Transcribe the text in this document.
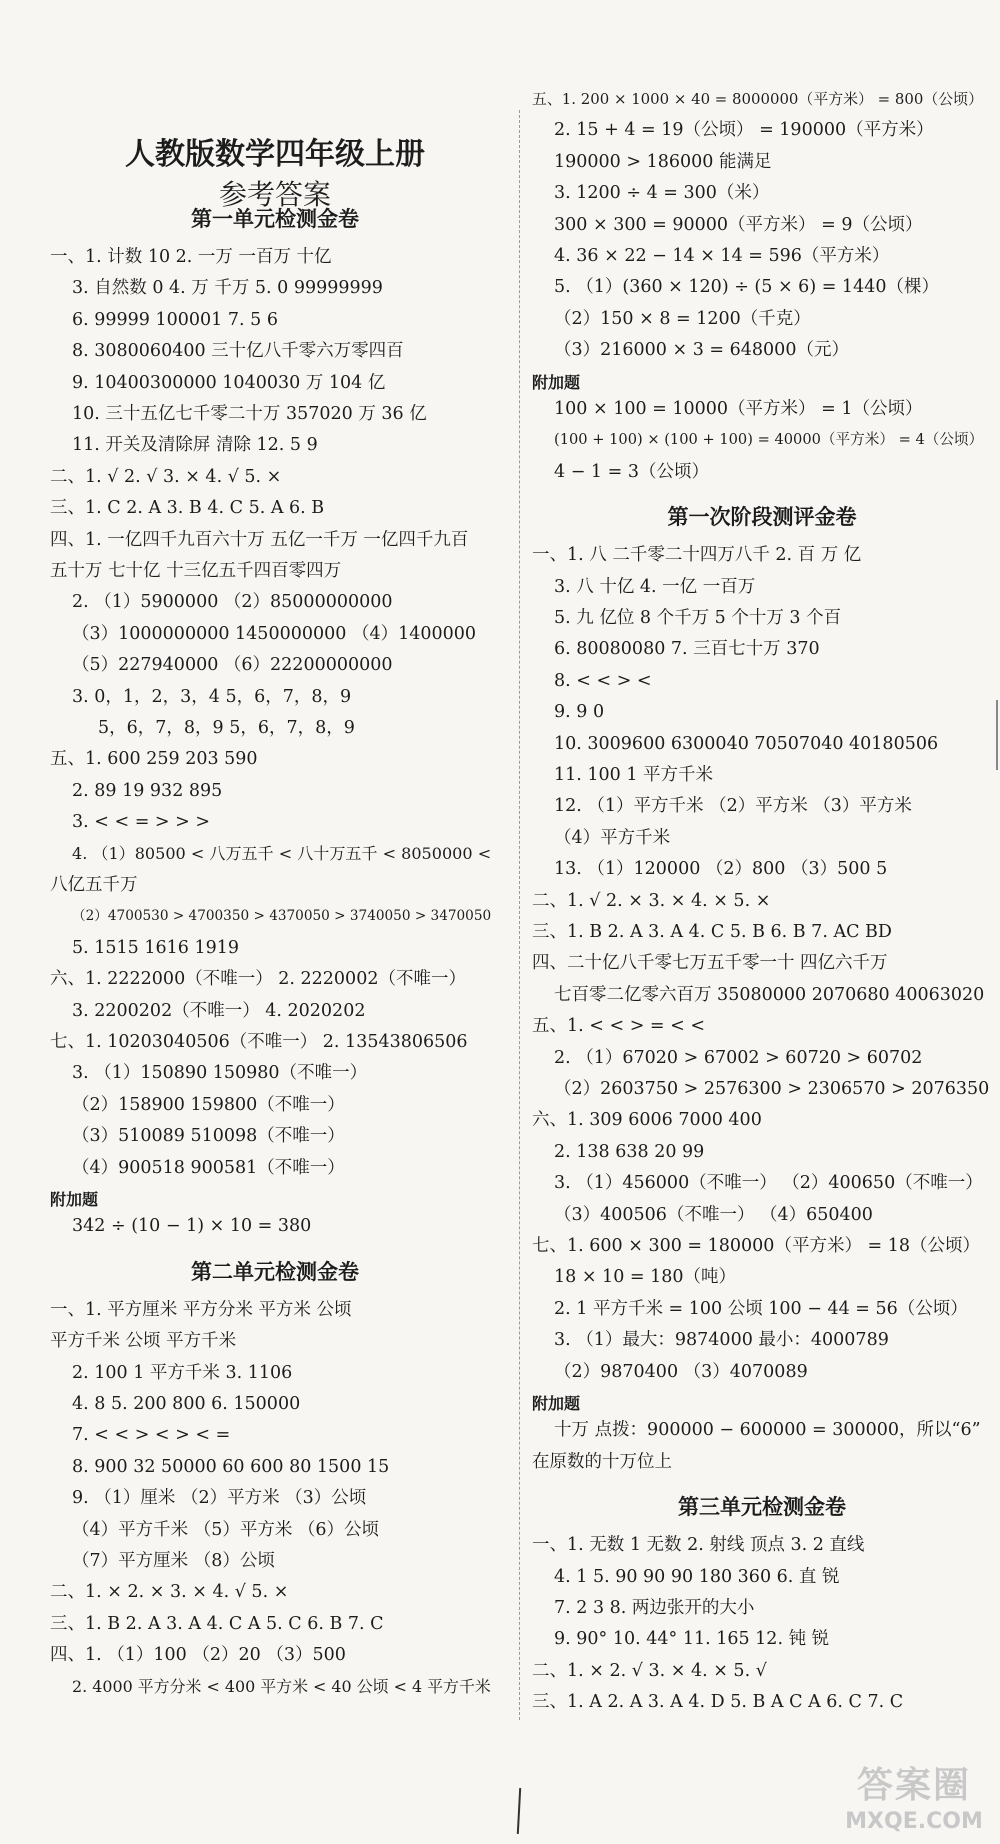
人教版数学四年级上册
参考答案
第一单元检测金卷
一、1. 计数 10 2. 一万 一百万 十亿
3. 自然数 0 4. 万 千万 5. 0 99999999
6. 99999 100001 7. 5 6
8. 3080060400 三十亿八千零六万零四百
9. 10400300000 1040030 万 104 亿
10. 三十五亿七千零二十万 357020 万 36 亿
11. 开关及清除屏 清除 12. 5 9
二、1. √ 2. √ 3. × 4. √ 5. ×
三、1. C 2. A 3. B 4. C 5. A 6. B
四、1. 一亿四千九百六十万 五亿一千万 一亿四千九百
五十万 七十亿 十三亿五千四百零四万
2. （1）5900000 （2）85000000000
（3）1000000000 1450000000 （4）1400000
（5）227940000 （6）22200000000
3. 0，1，2，3，4 5，6，7，8，9
5，6，7，8，9 5，6，7，8，9
五、1. 600 259 203 590
2. 89 19 932 895
3. < < = > > >
4. （1）80500 < 八万五千 < 八十万五千 < 8050000 <
八亿五千万
（2）4700530 > 4700350 > 4370050 > 3740050 > 3470050
5. 1515 1616 1919
六、1. 2222000（不唯一） 2. 2220002（不唯一）
3. 2200202（不唯一） 4. 2020202
七、1. 10203040506（不唯一） 2. 13543806506
3. （1）150890 150980（不唯一）
（2）158900 159800（不唯一）
（3）510089 510098（不唯一）
（4）900518 900581（不唯一）
附加题
342 ÷ (10 − 1) × 10 = 380
第二单元检测金卷
一、1. 平方厘米 平方分米 平方米 公顷
平方千米 公顷 平方千米
2. 100 1 平方千米 3. 1106
4. 8 5. 200 800 6. 150000
7. < < > < > < =
8. 900 32 50000 60 600 80 1500 15
9. （1）厘米 （2）平方米 （3）公顷
（4）平方千米 （5）平方米 （6）公顷
（7）平方厘米 （8）公顷
二、1. × 2. × 3. × 4. √ 5. ×
三、1. B 2. A 3. A 4. C A 5. C 6. B 7. C
四、1. （1）100 （2）20 （3）500
2. 4000 平方分米 < 400 平方米 < 40 公顷 < 4 平方千米
五、1. 200 × 1000 × 40 = 8000000（平方米） = 800（公顷）
2. 15 + 4 = 19（公顷） = 190000（平方米）
190000 > 186000 能满足
3. 1200 ÷ 4 = 300（米）
300 × 300 = 90000（平方米） = 9（公顷）
4. 36 × 22 − 14 × 14 = 596（平方米）
5. （1）(360 × 120) ÷ (5 × 6) = 1440（棵）
（2）150 × 8 = 1200（千克）
（3）216000 × 3 = 648000（元）
附加题
100 × 100 = 10000（平方米） = 1（公顷）
(100 + 100) × (100 + 100) = 40000（平方米） = 4（公顷）
4 − 1 = 3（公顷）
第一次阶段测评金卷
一、1. 八 二千零二十四万八千 2. 百 万 亿
3. 八 十亿 4. 一亿 一百万
5. 九 亿位 8 个千万 5 个十万 3 个百
6. 80080080 7. 三百七十万 370
8. < < > <
9. 9 0
10. 3009600 6300040 70507040 40180506
11. 100 1 平方千米
12. （1）平方千米 （2）平方米 （3）平方米
（4）平方千米
13. （1）120000 （2）800 （3）500 5
二、1. √ 2. × 3. × 4. × 5. ×
三、1. B 2. A 3. A 4. C 5. B 6. B 7. AC BD
四、二十亿八千零七万五千零一十 四亿六千万
七百零二亿零六百万 35080000 2070680 40063020
五、1. < < > = < <
2. （1）67020 > 67002 > 60720 > 60702
（2）2603750 > 2576300 > 2306570 > 2076350
六、1. 309 6006 7000 400
2. 138 638 20 99
3. （1）456000（不唯一） （2）400650（不唯一）
（3）400506（不唯一） （4）650400
七、1. 600 × 300 = 180000（平方米） = 18（公顷）
18 × 10 = 180（吨）
2. 1 平方千米 = 100 公顷 100 − 44 = 56（公顷）
3. （1）最大：9874000 最小：4000789
（2）9870400 （3）4070089
附加题
十万 点拨：900000 − 600000 = 300000，所以“6”
在原数的十万位上
第三单元检测金卷
一、1. 无数 1 无数 2. 射线 顶点 3. 2 直线
4. 1 5. 90 90 90 180 360 6. 直 锐
7. 2 3 8. 两边张开的大小
9. 90° 10. 44° 11. 165 12. 钝 锐
二、1. × 2. √ 3. × 4. × 5. √
三、1. A 2. A 3. A 4. D 5. B A C A 6. C 7. C
答案圈
MXQE.COM
